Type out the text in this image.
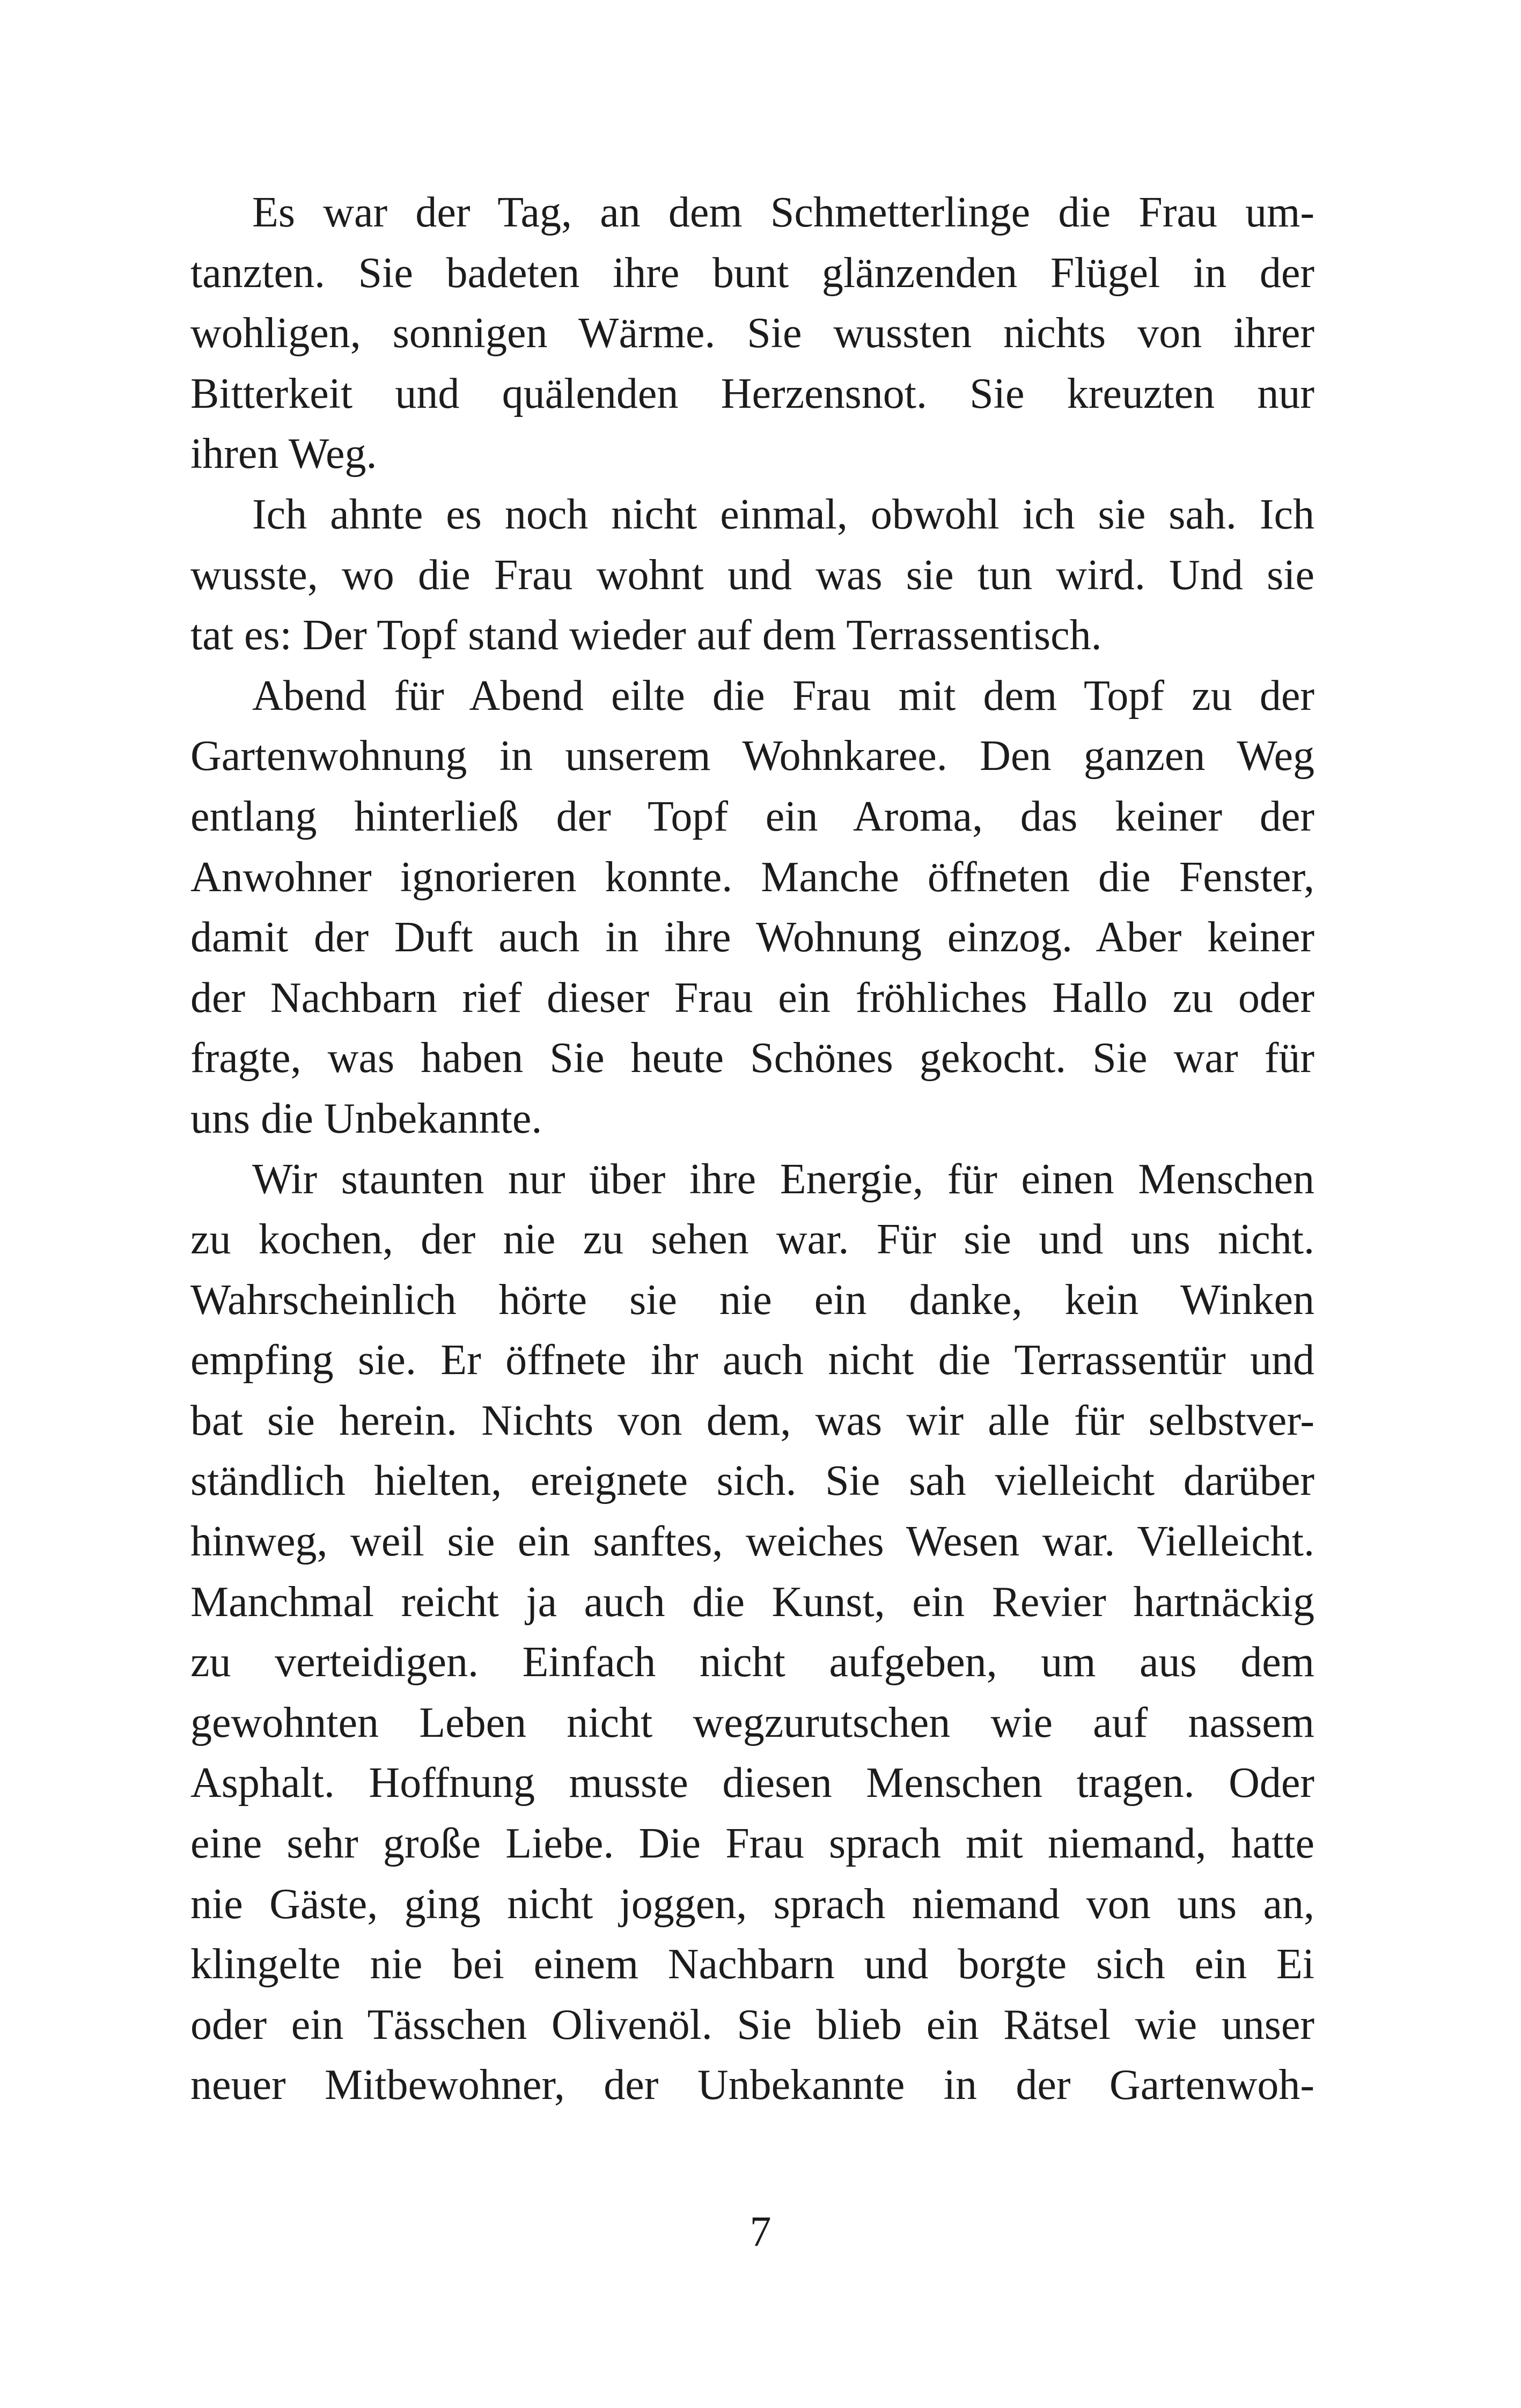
Es war der Tag, an dem Schmetterlinge die Frau um-
tanzten. Sie badeten ihre bunt glänzenden Flügel in der
wohligen, sonnigen Wärme. Sie wussten nichts von ihrer
Bitterkeit und quälenden Herzensnot. Sie kreuzten nur
ihren Weg.
Ich ahnte es noch nicht einmal, obwohl ich sie sah. Ich
wusste, wo die Frau wohnt und was sie tun wird. Und sie
tat es: Der Topf stand wieder auf dem Terrassentisch.
Abend für Abend eilte die Frau mit dem Topf zu der
Gartenwohnung in unserem Wohnkaree. Den ganzen Weg
entlang hinterließ der Topf ein Aroma, das keiner der
Anwohner ignorieren konnte. Manche öffneten die Fenster,
damit der Duft auch in ihre Wohnung einzog. Aber keiner
der Nachbarn rief dieser Frau ein fröhliches Hallo zu oder
fragte, was haben Sie heute Schönes gekocht. Sie war für
uns die Unbekannte.
Wir staunten nur über ihre Energie, für einen Menschen
zu kochen, der nie zu sehen war. Für sie und uns nicht.
Wahrscheinlich hörte sie nie ein danke, kein Winken
empfing sie. Er öffnete ihr auch nicht die Terrassentür und
bat sie herein. Nichts von dem, was wir alle für selbstver-
ständlich hielten, ereignete sich. Sie sah vielleicht darüber
hinweg, weil sie ein sanftes, weiches Wesen war. Vielleicht.
Manchmal reicht ja auch die Kunst, ein Revier hartnäckig
zu verteidigen. Einfach nicht aufgeben, um aus dem
gewohnten Leben nicht wegzurutschen wie auf nassem
Asphalt. Hoffnung musste diesen Menschen tragen. Oder
eine sehr große Liebe. Die Frau sprach mit niemand, hatte
nie Gäste, ging nicht joggen, sprach niemand von uns an,
klingelte nie bei einem Nachbarn und borgte sich ein Ei
oder ein Tässchen Olivenöl. Sie blieb ein Rätsel wie unser
neuer Mitbewohner, der Unbekannte in der Gartenwoh-
7
